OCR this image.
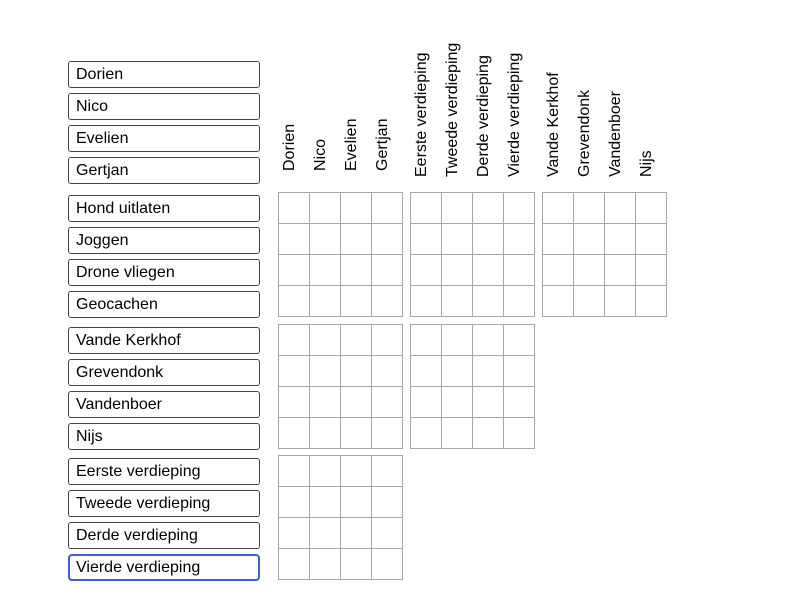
Dorien Nico Evelien Gertjan Eerste verdieping Tweede verdieping Derde verdieping Vierde verdieping Vande Kerkhof Grevendonk Vandenboer Nijs
Dorien
Nico
Evelien
Gertjan
Hond uitlaten
Joggen
Drone vliegen
Geocachen
Vande Kerkhof
Grevendonk
Vandenboer
Nijs
Eerste verdieping
Tweede verdieping
Derde verdieping
Vierde verdieping
